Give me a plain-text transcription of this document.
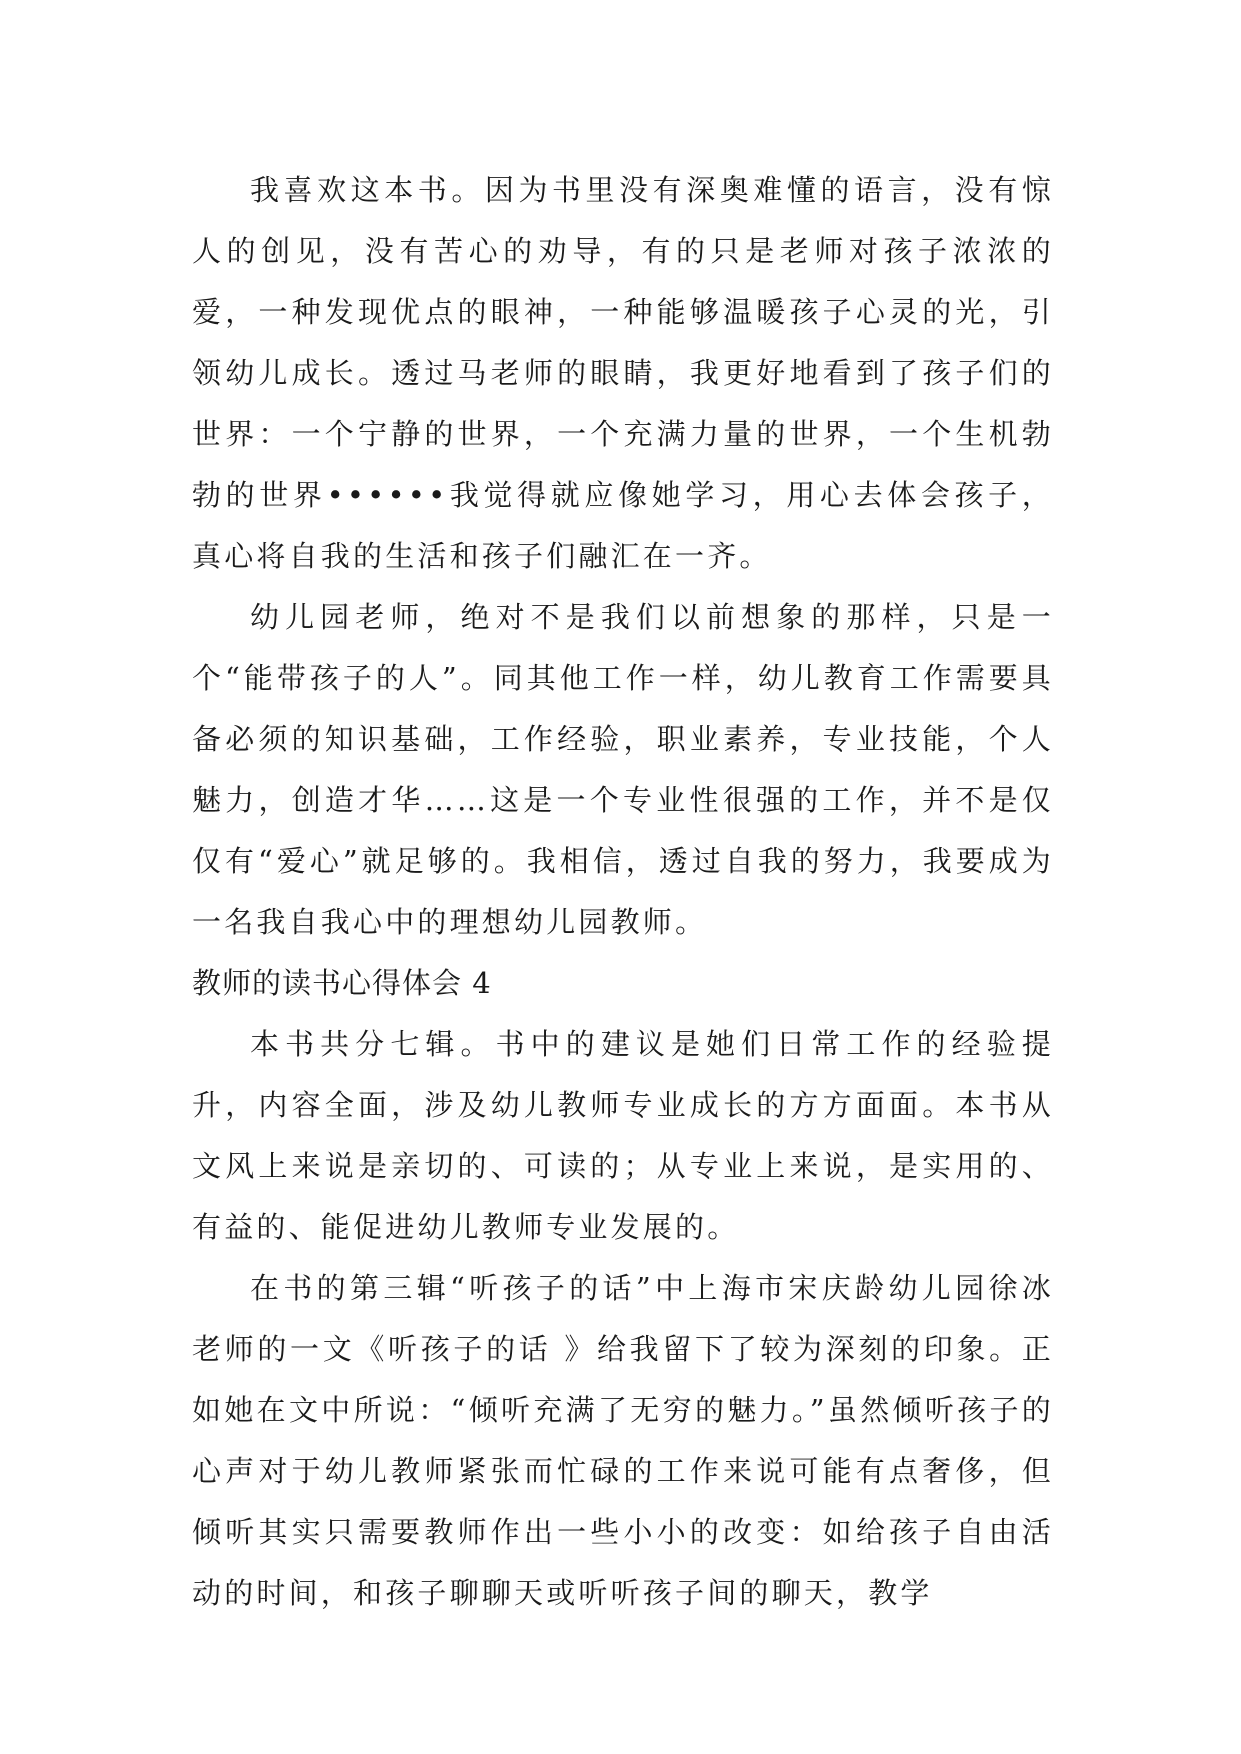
我喜欢这本书。因为书里没有深奥难懂的语言，没有惊人的创见，没有苦心的劝导，有的只是老师对孩子浓浓的爱，一种发现优点的眼神，一种能够温暖孩子心灵的光，引领幼儿成长。透过马老师的眼睛，我更好地看到了孩子们的世界：一个宁静的世界，一个充满力量的世界，一个生机勃勃的世界••••••我觉得就应像她学习，用心去体会孩子，真心将自我的生活和孩子们融汇在一齐。

幼儿园老师，绝对不是我们以前想象的那样，只是一个“能带孩子的人”。同其他工作一样，幼儿教育工作需要具备必须的知识基础，工作经验，职业素养，专业技能，个人魅力，创造才华……这是一个专业性很强的工作，并不是仅仅有“爱心”就足够的。我相信，透过自我的努力，我要成为一名我自我心中的理想幼儿园教师。

教师的读书心得体会 4

本书共分七辑。书中的建议是她们日常工作的经验提升，内容全面，涉及幼儿教师专业成长的方方面面。本书从文风上来说是亲切的、可读的；从专业上来说，是实用的、有益的、能促进幼儿教师专业发展的。

在书的第三辑“听孩子的话”中上海市宋庆龄幼儿园徐冰老师的一文《听孩子的话 》给我留下了较为深刻的印象。正如她在文中所说：“倾听充满了无穷的魅力。”虽然倾听孩子的心声对于幼儿教师紧张而忙碌的工作来说可能有点奢侈，但倾听其实只需要教师作出一些小小的改变：如给孩子自由活动的时间，和孩子聊聊天或听听孩子间的聊天，教学
